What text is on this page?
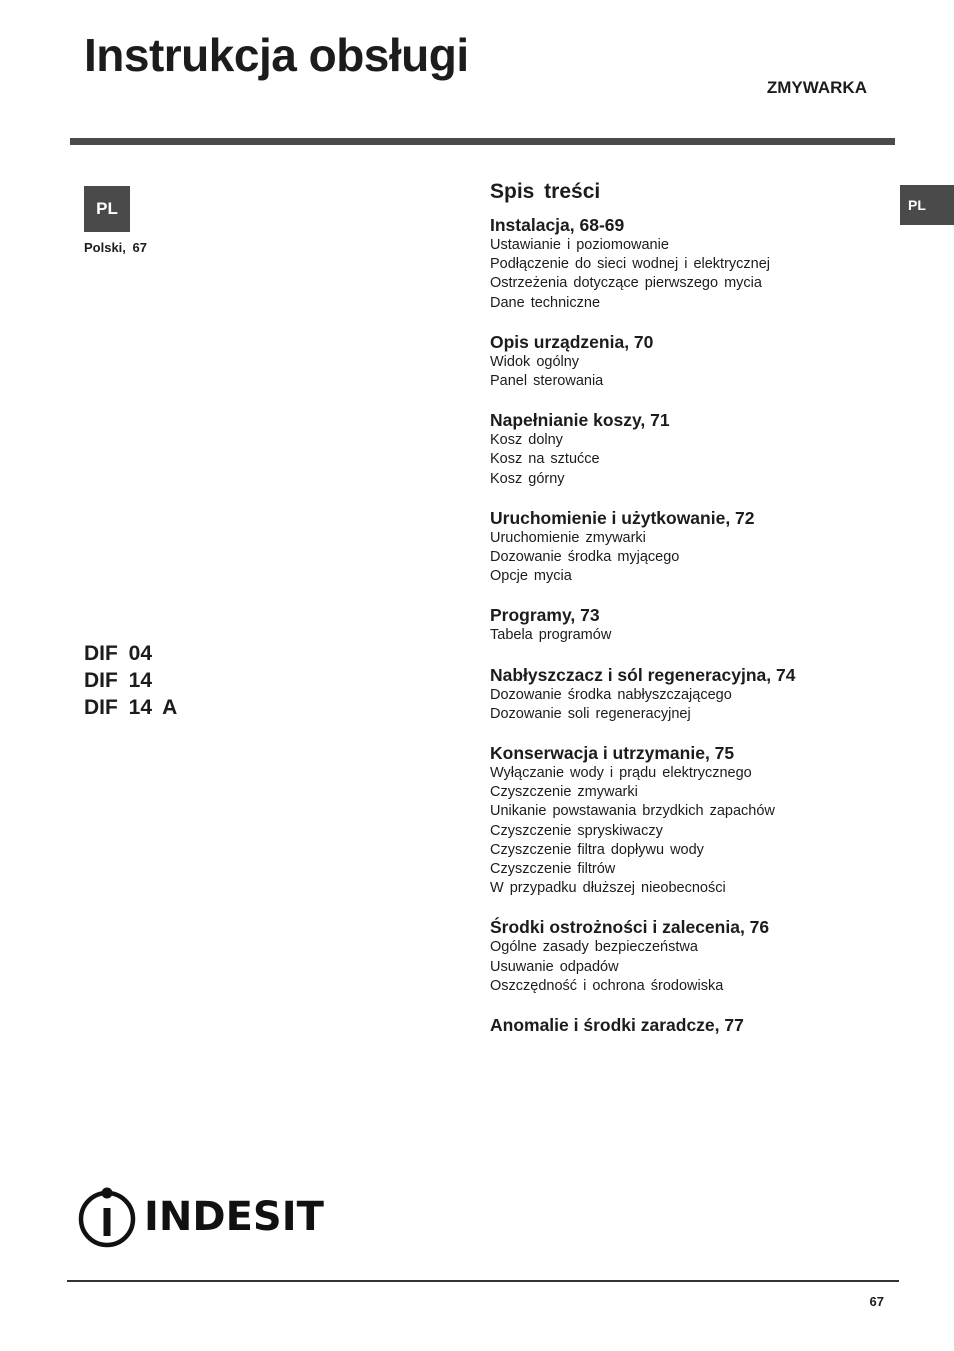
Instrukcja obsługi
ZMYWARKA
PL
Polski, 67
PL
DIF 04
DIF 14
DIF 14 A
Spis treści
Instalacja, 68-69
Ustawianie i poziomowanie
Podłączenie do sieci wodnej i elektrycznej
Ostrzeżenia dotyczące pierwszego mycia
Dane techniczne
Opis urządzenia, 70
Widok ogólny
Panel sterowania
Napełnianie koszy, 71
Kosz dolny
Kosz na sztućce
Kosz górny
Uruchomienie i użytkowanie, 72
Uruchomienie zmywarki
Dozowanie środka myjącego
Opcje mycia
Programy, 73
Tabela programów
Nabłyszczacz i sól regeneracyjna, 74
Dozowanie środka nabłyszczającego
Dozowanie soli regeneracyjnej
Konserwacja i utrzymanie, 75
Wyłączanie wody i prądu elektrycznego
Czyszczenie zmywarki
Unikanie powstawania brzydkich zapachów
Czyszczenie spryskiwaczy
Czyszczenie filtra dopływu wody
Czyszczenie filtrów
W przypadku dłuższej nieobecności
Środki ostrożności i zalecenia, 76
Ogólne zasady bezpieczeństwa
Usuwanie odpadów
Oszczędność i ochrona środowiska
Anomalie i środki zaradcze, 77
INDESIT
67
